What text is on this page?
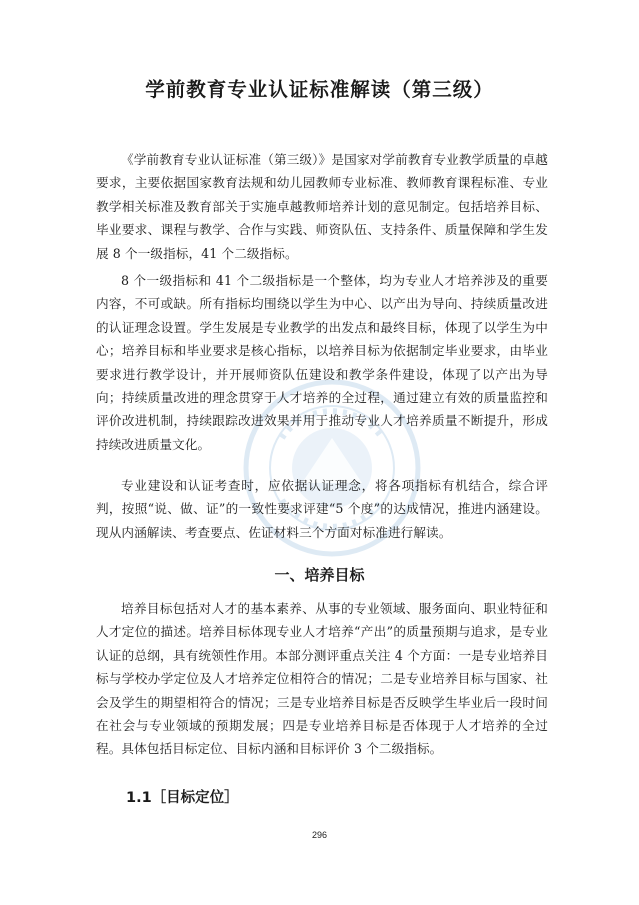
学前教育专业认证标准解读（第三级）

《学前教育专业认证标准（第三级）》是国家对学前教育专业教学质量的卓越要求，主要依据国家教育法规和幼儿园教师专业标准、教师教育课程标准、专业教学相关标准及教育部关于实施卓越教师培养计划的意见制定。包括培养目标、毕业要求、课程与教学、合作与实践、师资队伍、支持条件、质量保障和学生发展 8 个一级指标，41 个二级指标。

8 个一级指标和 41 个二级指标是一个整体，均为专业人才培养涉及的重要内容，不可或缺。所有指标均围绕以学生为中心、以产出为导向、持续质量改进的认证理念设置。学生发展是专业教学的出发点和最终目标，体现了以学生为中心；培养目标和毕业要求是核心指标，以培养目标为依据制定毕业要求，由毕业要求进行教学设计，并开展师资队伍建设和教学条件建设，体现了以产出为导向；持续质量改进的理念贯穿于人才培养的全过程，通过建立有效的质量监控和评价改进机制，持续跟踪改进效果并用于推动专业人才培养质量不断提升，形成持续改进质量文化。

专业建设和认证考查时，应依据认证理念，将各项指标有机结合，综合评判，按照“说、做、证”的一致性要求评建“5 个度”的达成情况，推进内涵建设。现从内涵解读、考查要点、佐证材料三个方面对标准进行解读。

一、培养目标

培养目标包括对人才的基本素养、从事的专业领域、服务面向、职业特征和人才定位的描述。培养目标体现专业人才培养“产出”的质量预期与追求，是专业认证的总纲，具有统领性作用。本部分测评重点关注 4 个方面：一是专业培养目标与学校办学定位及人才培养定位相符合的情况；二是专业培养目标与国家、社会及学生的期望相符合的情况；三是专业培养目标是否反映学生毕业后一段时间在社会与专业领域的预期发展；四是专业培养目标是否体现于人才培养的全过程。具体包括目标定位、目标内涵和目标评价 3 个二级指标。

1.1［目标定位］
296
